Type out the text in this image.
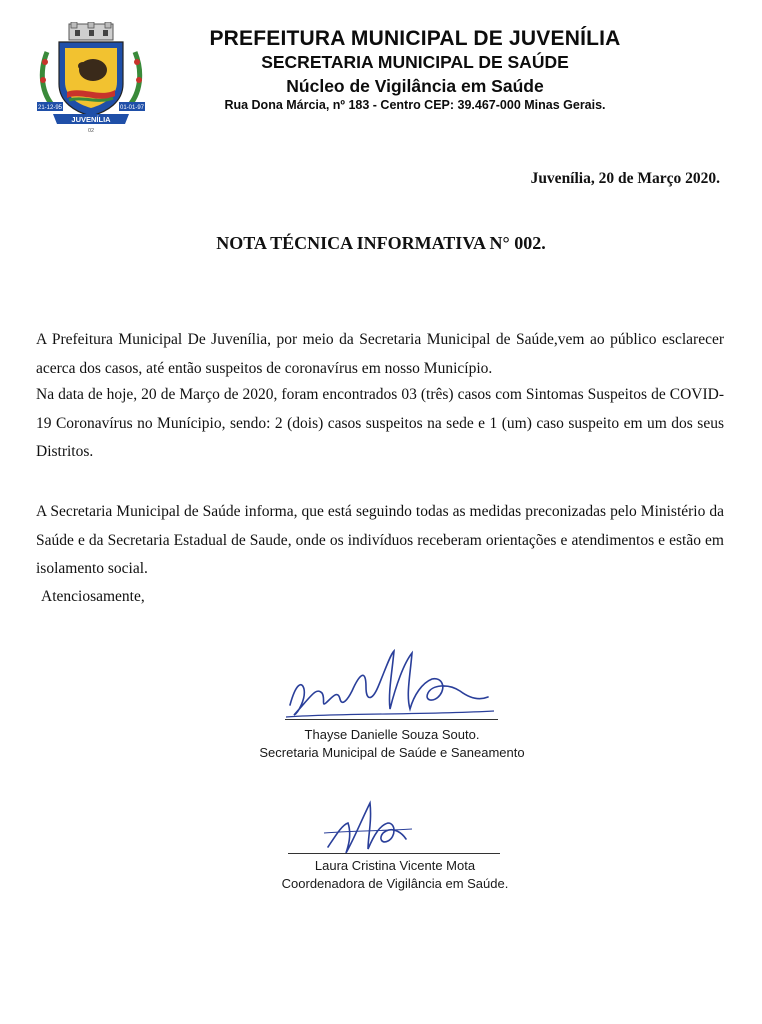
21-12-95	01-01-97
JUVENÍLIA
02
PREFEITURA MUNICIPAL DE JUVENÍLIA
SECRETARIA MUNICIPAL DE SAÚDE
Núcleo de Vigilância em Saúde
Rua Dona Márcia, nº 183 - Centro CEP: 39.467-000 Minas Gerais.
Juvenília, 20 de Março 2020.
NOTA TÉCNICA INFORMATIVA N° 002.
A Prefeitura Municipal De Juvenília, por meio da Secretaria Municipal de Saúde,vem ao público esclarecer acerca dos casos, até então suspeitos de coronavírus em nosso Município.
Na data de hoje, 20 de Março de 2020, foram encontrados 03 (três) casos com Sintomas Suspeitos de COVID-19 Coronavírus no Munícipio, sendo: 2 (dois) casos suspeitos na sede e 1 (um) caso suspeito em um dos seus Distritos.
A Secretaria Municipal de Saúde informa, que está seguindo todas as medidas preconizadas pelo Ministério da Saúde e da Secretaria Estadual de Saude, onde os indivíduos receberam orientações e atendimentos e estão em isolamento social.
Atenciosamente,
Thayse Danielle Souza Souto.
Secretaria Municipal de Saúde e Saneamento
Laura Cristina Vicente Mota
Coordenadora de Vigilância em Saúde.
